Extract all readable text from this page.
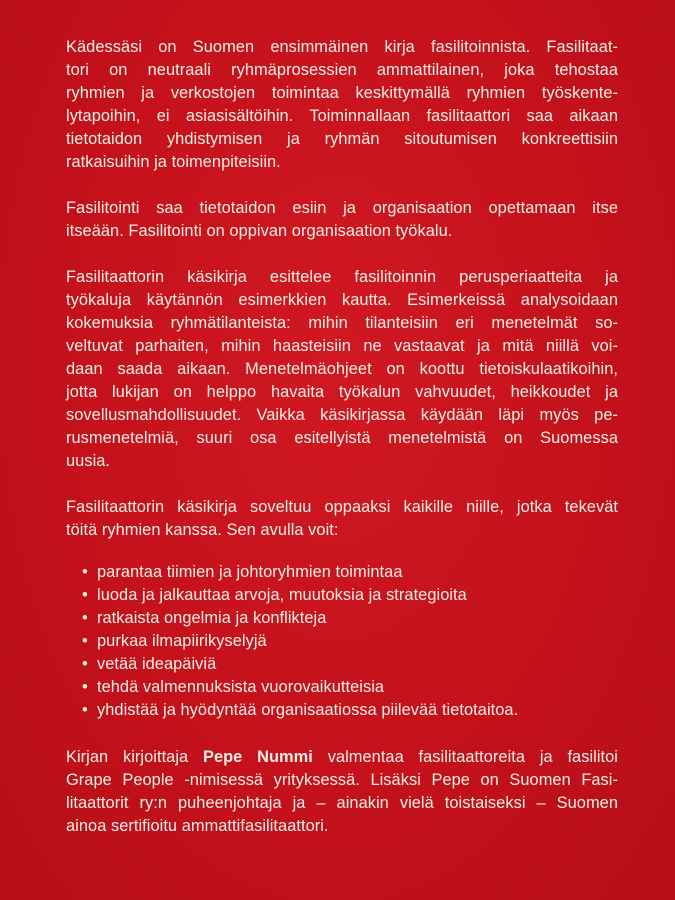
Kädessäsi on Suomen ensimmäinen kirja fasilitoinnista. Fasilitaat-
tori on neutraali ryhmäprosessien ammattilainen, joka tehostaa
ryhmien ja verkostojen toimintaa keskittymällä ryhmien työskente-
lytapoihin, ei asiasisältöihin. Toiminnallaan fasilitaattori saa aikaan
tietotaidon yhdistymisen ja ryhmän sitoutumisen konkreettisiin
ratkaisuihin ja toimenpiteisiin.
Fasilitointi saa tietotaidon esiin ja organisaation opettamaan itse
itseään. Fasilitointi on oppivan organisaation työkalu.
Fasilitaattorin käsikirja esittelee fasilitoinnin perusperiaatteita ja
työkaluja käytännön esimerkkien kautta. Esimerkeissä analysoidaan
kokemuksia ryhmätilanteista: mihin tilanteisiin eri menetelmät so-
veltuvat parhaiten, mihin haasteisiin ne vastaavat ja mitä niillä voi-
daan saada aikaan. Menetelmäohjeet on koottu tietoiskulaatikoihin,
jotta lukijan on helppo havaita työkalun vahvuudet, heikkoudet ja
sovellusmahdollisuudet. Vaikka käsikirjassa käydään läpi myös pe-
rusmenetelmiä, suuri osa esitellyistä menetelmistä on Suomessa
uusia.
Fasilitaattorin käsikirja soveltuu oppaaksi kaikille niille, jotka tekevät
töitä ryhmien kanssa. Sen avulla voit:
• parantaa tiimien ja johtoryhmien toimintaa
• luoda ja jalkauttaa arvoja, muutoksia ja strategioita
• ratkaista ongelmia ja konflikteja
• purkaa ilmapiirikyselyjä
• vetää ideapäiviä
• tehdä valmennuksista vuorovaikutteisia
• yhdistää ja hyödyntää organisaatiossa piilevää tietotaitoa.
Kirjan kirjoittaja Pepe Nummi valmentaa fasilitaattoreita ja fasilitoi
Grape People -nimisessä yrityksessä. Lisäksi Pepe on Suomen Fasi-
litaattorit ry:n puheenjohtaja ja – ainakin vielä toistaiseksi – Suomen
ainoa sertifioitu ammattifasilitaattori.
